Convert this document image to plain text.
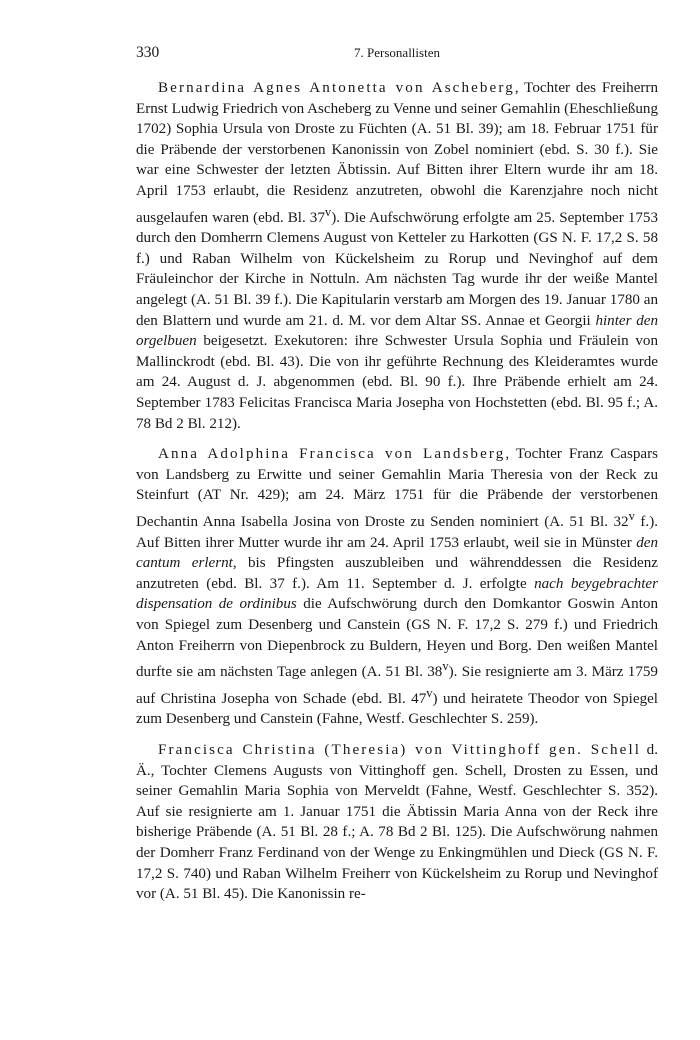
330	7. Personallisten

Bernardina Agnes Antonetta von Ascheberg, Tochter des Freiherrn Ernst Ludwig Friedrich von Ascheberg zu Venne und seiner Gemahlin (Eheschließung 1702) Sophia Ursula von Droste zu Füchten (A. 51 Bl. 39); am 18. Februar 1751 für die Präbende der verstorbenen Kanonissin von Zobel nominiert (ebd. S. 30 f.). Sie war eine Schwester der letzten Äbtissin. Auf Bitten ihrer Eltern wurde ihr am 18. April 1753 erlaubt, die Residenz anzutreten, obwohl die Karenzjahre noch nicht ausgelaufen waren (ebd. Bl. 37$^v$). Die Aufschwörung erfolgte am 25. September 1753 durch den Domherrn Clemens August von Ketteler zu Harkotten (GS N. F. 17,2 S. 58 f.) und Raban Wilhelm von Kückelsheim zu Rorup und Nevinghof auf dem Fräuleinchor der Kirche in Nottuln. Am nächsten Tag wurde ihr der weiße Mantel angelegt (A. 51 Bl. 39 f.). Die Kapitularin verstarb am Morgen des 19. Januar 1780 an den Blattern und wurde am 21. d. M. vor dem Altar SS. Annae et Georgii hinter den orgelbuen beigesetzt. Exekutoren: ihre Schwester Ursula Sophia und Fräulein von Mallinckrodt (ebd. Bl. 43). Die von ihr geführte Rechnung des Kleideramtes wurde am 24. August d. J. abgenommen (ebd. Bl. 90 f.). Ihre Präbende erhielt am 24. September 1783 Felicitas Francisca Maria Josepha von Hochstetten (ebd. Bl. 95 f.; A. 78 Bd 2 Bl. 212).

Anna Adolphina Francisca von Landsberg, Tochter Franz Caspars von Landsberg zu Erwitte und seiner Gemahlin Maria Theresia von der Reck zu Steinfurt (AT Nr. 429); am 24. März 1751 für die Präbende der verstorbenen Dechantin Anna Isabella Josina von Droste zu Senden nominiert (A. 51 Bl. 32$^v$ f.). Auf Bitten ihrer Mutter wurde ihr am 24. April 1753 erlaubt, weil sie in Münster den cantum erlernt, bis Pfingsten auszubleiben und währenddessen die Residenz anzutreten (ebd. Bl. 37 f.). Am 11. September d. J. erfolgte nach beygebrachter dispensation de ordinibus die Aufschwörung durch den Domkantor Goswin Anton von Spiegel zum Desenberg und Canstein (GS N. F. 17,2 S. 279 f.) und Friedrich Anton Freiherrn von Diepenbrock zu Buldern, Heyen und Borg. Den weißen Mantel durfte sie am nächsten Tage anlegen (A. 51 Bl. 38$^v$). Sie resignierte am 3. März 1759 auf Christina Josepha von Schade (ebd. Bl. 47$^v$) und heiratete Theodor von Spiegel zum Desenberg und Canstein (Fahne, Westf. Geschlechter S. 259).

Francisca Christina (Theresia) von Vittinghoff gen. Schell d. Ä., Tochter Clemens Augusts von Vittinghoff gen. Schell, Drosten zu Essen, und seiner Gemahlin Maria Sophia von Merveldt (Fahne, Westf. Geschlechter S. 352). Auf sie resignierte am 1. Januar 1751 die Äbtissin Maria Anna von der Reck ihre bisherige Präbende (A. 51 Bl. 28 f.; A. 78 Bd 2 Bl. 125). Die Aufschwörung nahmen der Domherr Franz Ferdinand von der Wenge zu Enkingmühlen und Dieck (GS N. F. 17,2 S. 740) und Raban Wilhelm Freiherr von Kückelsheim zu Rorup und Nevinghof vor (A. 51 Bl. 45). Die Kanonissin re-
